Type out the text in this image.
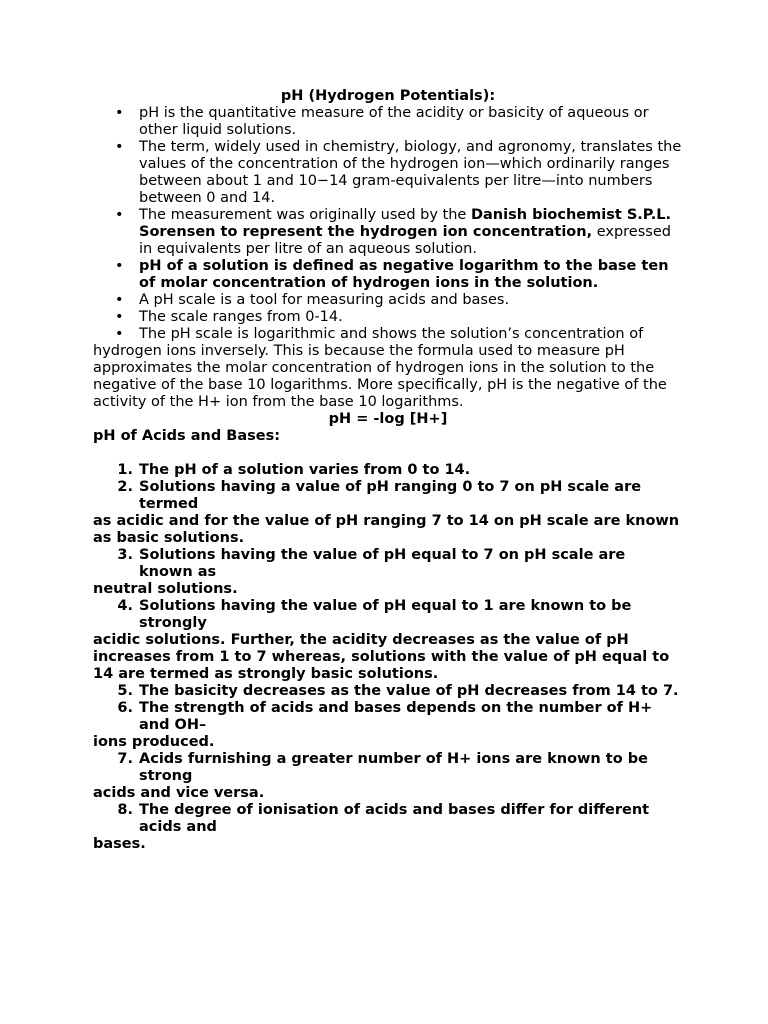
pH (Hydrogen Potentials):

• pH is the quantitative measure of the acidity or basicity of aqueous or other liquid solutions.
• The term, widely used in chemistry, biology, and agronomy, translates the values of the concentration of the hydrogen ion—which ordinarily ranges between about 1 and 10−14 gram-equivalents per litre—into numbers between 0 and 14.
• The measurement was originally used by the Danish biochemist S.P.L. Sorensen to represent the hydrogen ion concentration, expressed in equivalents per litre of an aqueous solution.
• pH of a solution is defined as negative logarithm to the base ten of molar concentration of hydrogen ions in the solution.
• A pH scale is a tool for measuring acids and bases.
• The scale ranges from 0-14.
• The pH scale is logarithmic and shows the solution’s concentration of

hydrogen ions inversely. This is because the formula used to measure pH approximates the molar concentration of hydrogen ions in the solution to the negative of the base 10 logarithms. More specifically, pH is the negative of the activity of the H+ ion from the base 10 logarithms.

pH = -log [H+]

pH of Acids and Bases:

1. The pH of a solution varies from 0 to 14.

2. Solutions having a value of pH ranging 0 to 7 on pH scale are termed

as acidic and for the value of pH ranging 7 to 14 on pH scale are known

as basic solutions.

3. Solutions having the value of pH equal to 7 on pH scale are known as

neutral solutions.

4. Solutions having the value of pH equal to 1 are known to be strongly

acidic solutions. Further, the acidity decreases as the value of pH increases from 1 to 7 whereas, solutions with the value of pH equal to 14 are termed as strongly basic solutions.

5. The basicity decreases as the value of pH decreases from 14 to 7.

6. The strength of acids and bases depends on the number of H+ and OH–

ions produced.

7. Acids furnishing a greater number of H+ ions are known to be strong

acids and vice versa.

8. The degree of ionisation of acids and bases differ for different acids and

bases.
